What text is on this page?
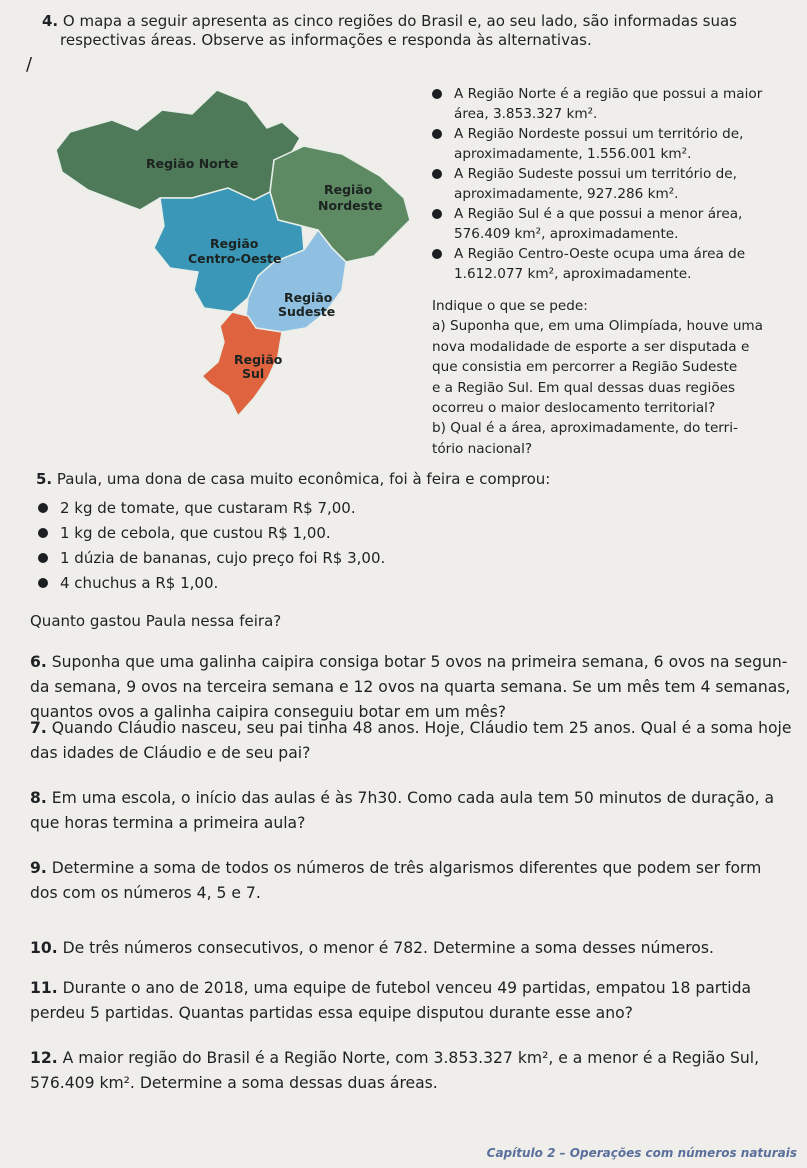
/
4. O mapa a seguir apresenta as cinco regiões do Brasil e, ao seu lado, são informadas suas
respectivas áreas. Observe as informações e responda às alternativas.
Região Norte
Região
Nordeste
Região
Centro-Oeste
Região
Sudeste
Região
Sul
A Região Norte é a região que possui a maior
área, 3.853.327 km².
A Região Nordeste possui um território de,
aproximadamente, 1.556.001 km².
A Região Sudeste possui um território de,
aproximadamente, 927.286 km².
A Região Sul é a que possui a menor área,
576.409 km², aproximadamente.
A Região Centro-Oeste ocupa uma área de
1.612.077 km², aproximadamente.
Indique o que se pede:
a) Suponha que, em uma Olimpíada, houve uma
nova modalidade de esporte a ser disputada e
que consistia em percorrer a Região Sudeste
e a Região Sul. Em qual dessas duas regiões
ocorreu o maior deslocamento territorial?
b) Qual é a área, aproximadamente, do terri-
tório nacional?
5. Paula, uma dona de casa muito econômica, foi à feira e comprou:
2 kg de tomate, que custaram R$ 7,00.
1 kg de cebola, que custou R$ 1,00.
1 dúzia de bananas, cujo preço foi R$ 3,00.
4 chuchus a R$ 1,00.
Quanto gastou Paula nessa feira?
6. Suponha que uma galinha caipira consiga botar 5 ovos na primeira semana, 6 ovos na segun-
da semana, 9 ovos na terceira semana e 12 ovos na quarta semana. Se um mês tem 4 semanas,
quantos ovos a galinha caipira conseguiu botar em um mês?
7. Quando Cláudio nasceu, seu pai tinha 48 anos. Hoje, Cláudio tem 25 anos. Qual é a soma hoje
das idades de Cláudio e de seu pai?
8. Em uma escola, o início das aulas é às 7h30. Como cada aula tem 50 minutos de duração, a
que horas termina a primeira aula?
9. Determine a soma de todos os números de três algarismos diferentes que podem ser form
dos com os números 4, 5 e 7.
10. De três números consecutivos, o menor é 782. Determine a soma desses números.
11. Durante o ano de 2018, uma equipe de futebol venceu 49 partidas, empatou 18 partida
perdeu 5 partidas. Quantas partidas essa equipe disputou durante esse ano?
12. A maior região do Brasil é a Região Norte, com 3.853.327 km², e a menor é a Região Sul,
576.409 km². Determine a soma dessas duas áreas.
Capítulo 2 – Operações com números naturais
